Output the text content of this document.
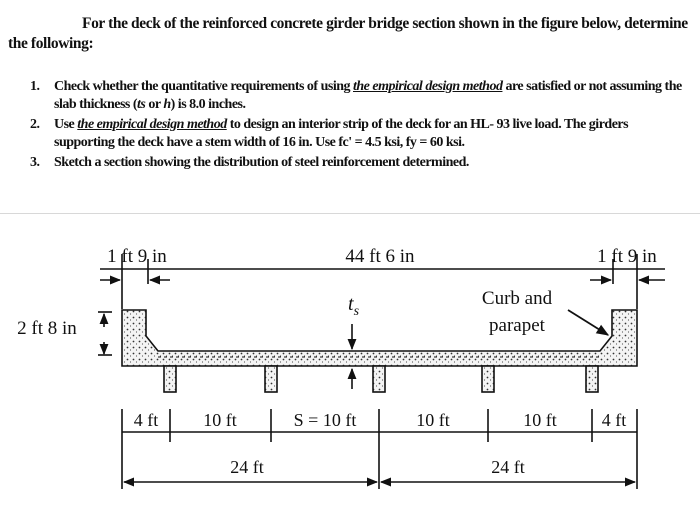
For the deck of the reinforced concrete girder bridge section shown in the figure below, determine the following:
1. Check whether the quantitative requirements of using the empirical design method are satisfied or not assuming the slab thickness (ts or h) is 8.0 inches.
2. Use the empirical design method to design an interior strip of the deck for an HL- 93 live load. The girders supporting the deck have a stem width of 16 in. Use fc' = 4.5 ksi, fy = 60 ksi.
3. Sketch a section showing the distribution of steel reinforcement determined.
1 ft 9 in	44 ft 6 in	1 ft 9 in
2 ft 8 in
$t_s$
Curb and
parapet
4 ft	10 ft	S = 10 ft	10 ft	10 ft	4 ft
24 ft	24 ft
